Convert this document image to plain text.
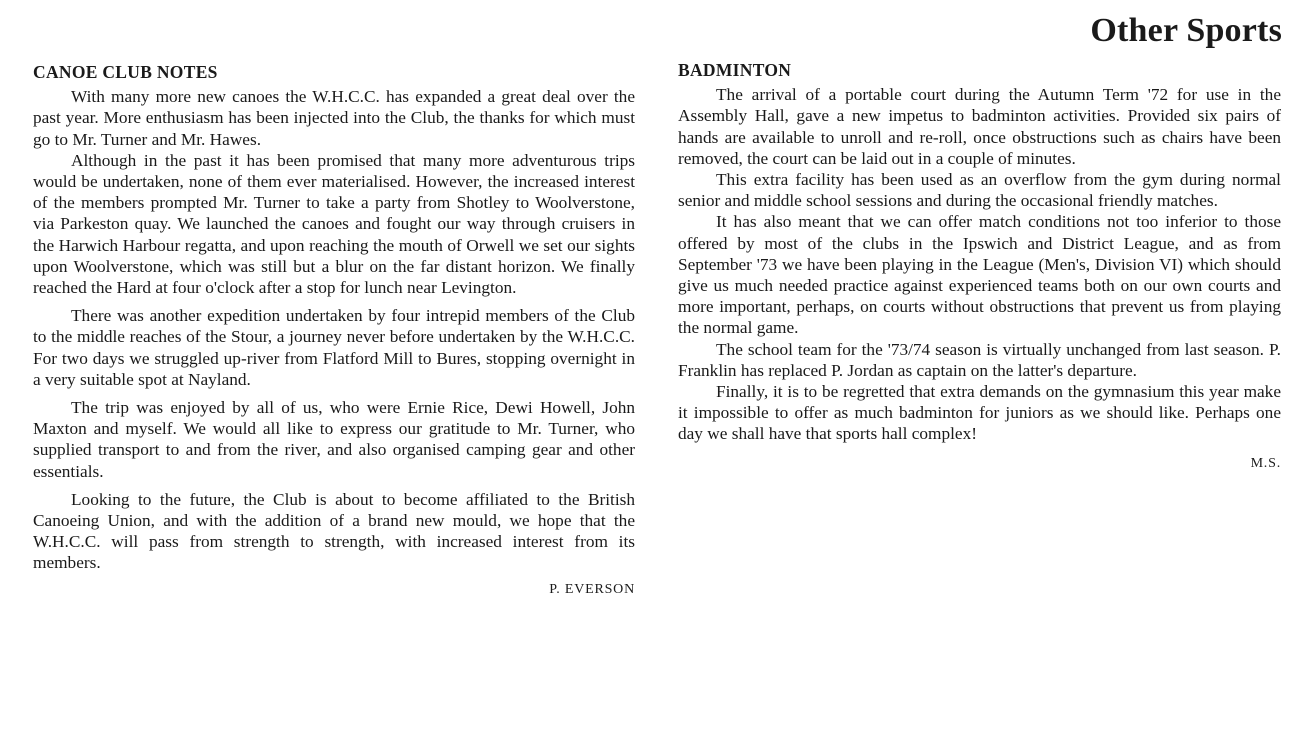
Other Sports
CANOE CLUB NOTES

With many more new canoes the W.H.C.C. has expanded a great deal over the past year. More enthusiasm has been injected into the Club, the thanks for which must go to Mr. Turner and Mr. Hawes.

Although in the past it has been promised that many more adventurous trips would be undertaken, none of them ever materialised. However, the increased interest of the members prompted Mr. Turner to take a party from Shotley to Woolverstone, via Parkeston quay. We launched the canoes and fought our way through cruisers in the Harwich Harbour regatta, and upon reaching the mouth of Orwell we set our sights upon Woolverstone, which was still but a blur on the far distant horizon. We finally reached the Hard at four o'clock after a stop for lunch near Levington.

There was another expedition undertaken by four intrepid members of the Club to the middle reaches of the Stour, a journey never before undertaken by the W.H.C.C. For two days we struggled up-river from Flatford Mill to Bures, stopping overnight in a very suitable spot at Nayland.

The trip was enjoyed by all of us, who were Ernie Rice, Dewi Howell, John Maxton and myself. We would all like to express our gratitude to Mr. Turner, who supplied transport to and from the river, and also organised camping gear and other essentials.

Looking to the future, the Club is about to become affiliated to the British Canoeing Union, and with the addition of a brand new mould, we hope that the W.H.C.C. will pass from strength to strength, with increased interest from its members.

P. EVERSON

BADMINTON

The arrival of a portable court during the Autumn Term '72 for use in the Assembly Hall, gave a new impetus to badminton activities. Provided six pairs of hands are available to unroll and re-roll, once obstructions such as chairs have been removed, the court can be laid out in a couple of minutes.

This extra facility has been used as an overflow from the gym during normal senior and middle school sessions and during the occasional friendly matches.

It has also meant that we can offer match conditions not too inferior to those offered by most of the clubs in the Ipswich and District League, and as from September '73 we have been playing in the League (Men's, Division VI) which should give us much needed practice against experienced teams both on our own courts and more important, perhaps, on courts without obstructions that prevent us from playing the normal game.

The school team for the '73/74 season is virtually unchanged from last season. P. Franklin has replaced P. Jordan as captain on the latter's departure.

Finally, it is to be regretted that extra demands on the gymnasium this year make it impossible to offer as much badminton for juniors as we should like. Perhaps one day we shall have that sports hall complex!

M.S.
